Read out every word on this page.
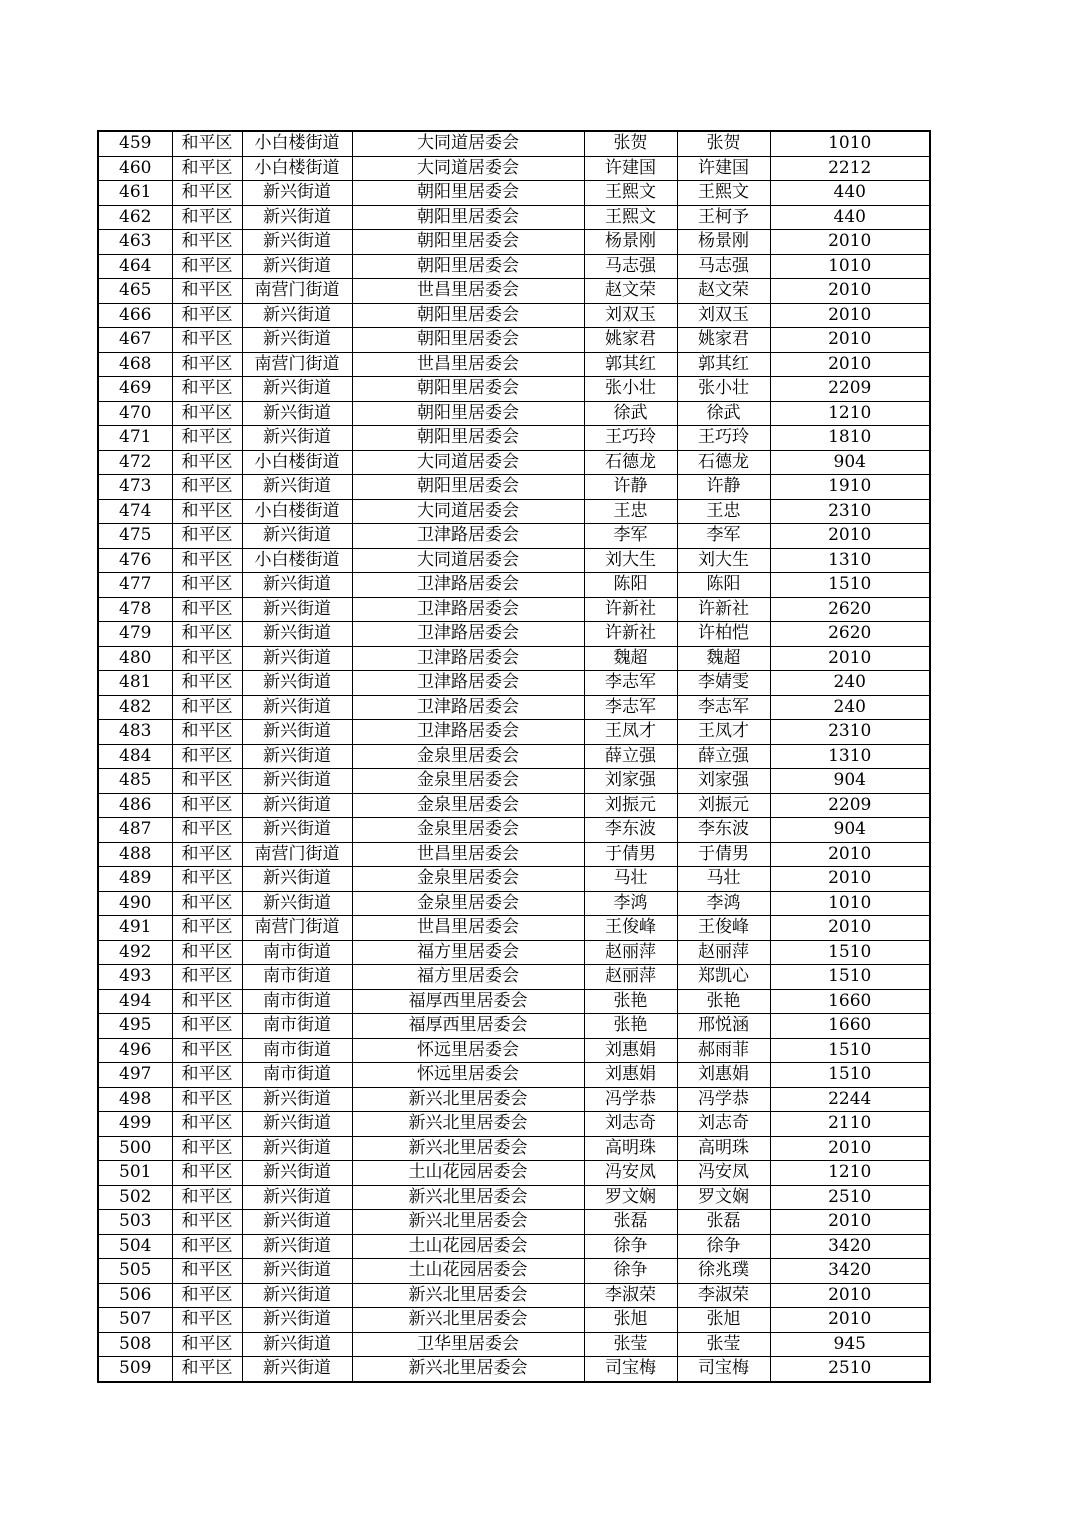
459	和平区	小白楼街道	大同道居委会	张贺	张贺	1010
460	和平区	小白楼街道	大同道居委会	许建国	许建国	2212
461	和平区	新兴街道	朝阳里居委会	王熙文	王熙文	440
462	和平区	新兴街道	朝阳里居委会	王熙文	王柯予	440
463	和平区	新兴街道	朝阳里居委会	杨景刚	杨景刚	2010
464	和平区	新兴街道	朝阳里居委会	马志强	马志强	1010
465	和平区	南营门街道	世昌里居委会	赵文荣	赵文荣	2010
466	和平区	新兴街道	朝阳里居委会	刘双玉	刘双玉	2010
467	和平区	新兴街道	朝阳里居委会	姚家君	姚家君	2010
468	和平区	南营门街道	世昌里居委会	郭其红	郭其红	2010
469	和平区	新兴街道	朝阳里居委会	张小壮	张小壮	2209
470	和平区	新兴街道	朝阳里居委会	徐武	徐武	1210
471	和平区	新兴街道	朝阳里居委会	王巧玲	王巧玲	1810
472	和平区	小白楼街道	大同道居委会	石德龙	石德龙	904
473	和平区	新兴街道	朝阳里居委会	许静	许静	1910
474	和平区	小白楼街道	大同道居委会	王忠	王忠	2310
475	和平区	新兴街道	卫津路居委会	李军	李军	2010
476	和平区	小白楼街道	大同道居委会	刘大生	刘大生	1310
477	和平区	新兴街道	卫津路居委会	陈阳	陈阳	1510
478	和平区	新兴街道	卫津路居委会	许新社	许新社	2620
479	和平区	新兴街道	卫津路居委会	许新社	许柏恺	2620
480	和平区	新兴街道	卫津路居委会	魏超	魏超	2010
481	和平区	新兴街道	卫津路居委会	李志军	李婧雯	240
482	和平区	新兴街道	卫津路居委会	李志军	李志军	240
483	和平区	新兴街道	卫津路居委会	王凤才	王凤才	2310
484	和平区	新兴街道	金泉里居委会	薛立强	薛立强	1310
485	和平区	新兴街道	金泉里居委会	刘家强	刘家强	904
486	和平区	新兴街道	金泉里居委会	刘振元	刘振元	2209
487	和平区	新兴街道	金泉里居委会	李东波	李东波	904
488	和平区	南营门街道	世昌里居委会	于倩男	于倩男	2010
489	和平区	新兴街道	金泉里居委会	马壮	马壮	2010
490	和平区	新兴街道	金泉里居委会	李鸿	李鸿	1010
491	和平区	南营门街道	世昌里居委会	王俊峰	王俊峰	2010
492	和平区	南市街道	福方里居委会	赵丽萍	赵丽萍	1510
493	和平区	南市街道	福方里居委会	赵丽萍	郑凯心	1510
494	和平区	南市街道	福厚西里居委会	张艳	张艳	1660
495	和平区	南市街道	福厚西里居委会	张艳	邢悦涵	1660
496	和平区	南市街道	怀远里居委会	刘惠娟	郝雨菲	1510
497	和平区	南市街道	怀远里居委会	刘惠娟	刘惠娟	1510
498	和平区	新兴街道	新兴北里居委会	冯学恭	冯学恭	2244
499	和平区	新兴街道	新兴北里居委会	刘志奇	刘志奇	2110
500	和平区	新兴街道	新兴北里居委会	高明珠	高明珠	2010
501	和平区	新兴街道	土山花园居委会	冯安凤	冯安凤	1210
502	和平区	新兴街道	新兴北里居委会	罗文娴	罗文娴	2510
503	和平区	新兴街道	新兴北里居委会	张磊	张磊	2010
504	和平区	新兴街道	土山花园居委会	徐争	徐争	3420
505	和平区	新兴街道	土山花园居委会	徐争	徐兆璞	3420
506	和平区	新兴街道	新兴北里居委会	李淑荣	李淑荣	2010
507	和平区	新兴街道	新兴北里居委会	张旭	张旭	2010
508	和平区	新兴街道	卫华里居委会	张莹	张莹	945
509	和平区	新兴街道	新兴北里居委会	司宝梅	司宝梅	2510
